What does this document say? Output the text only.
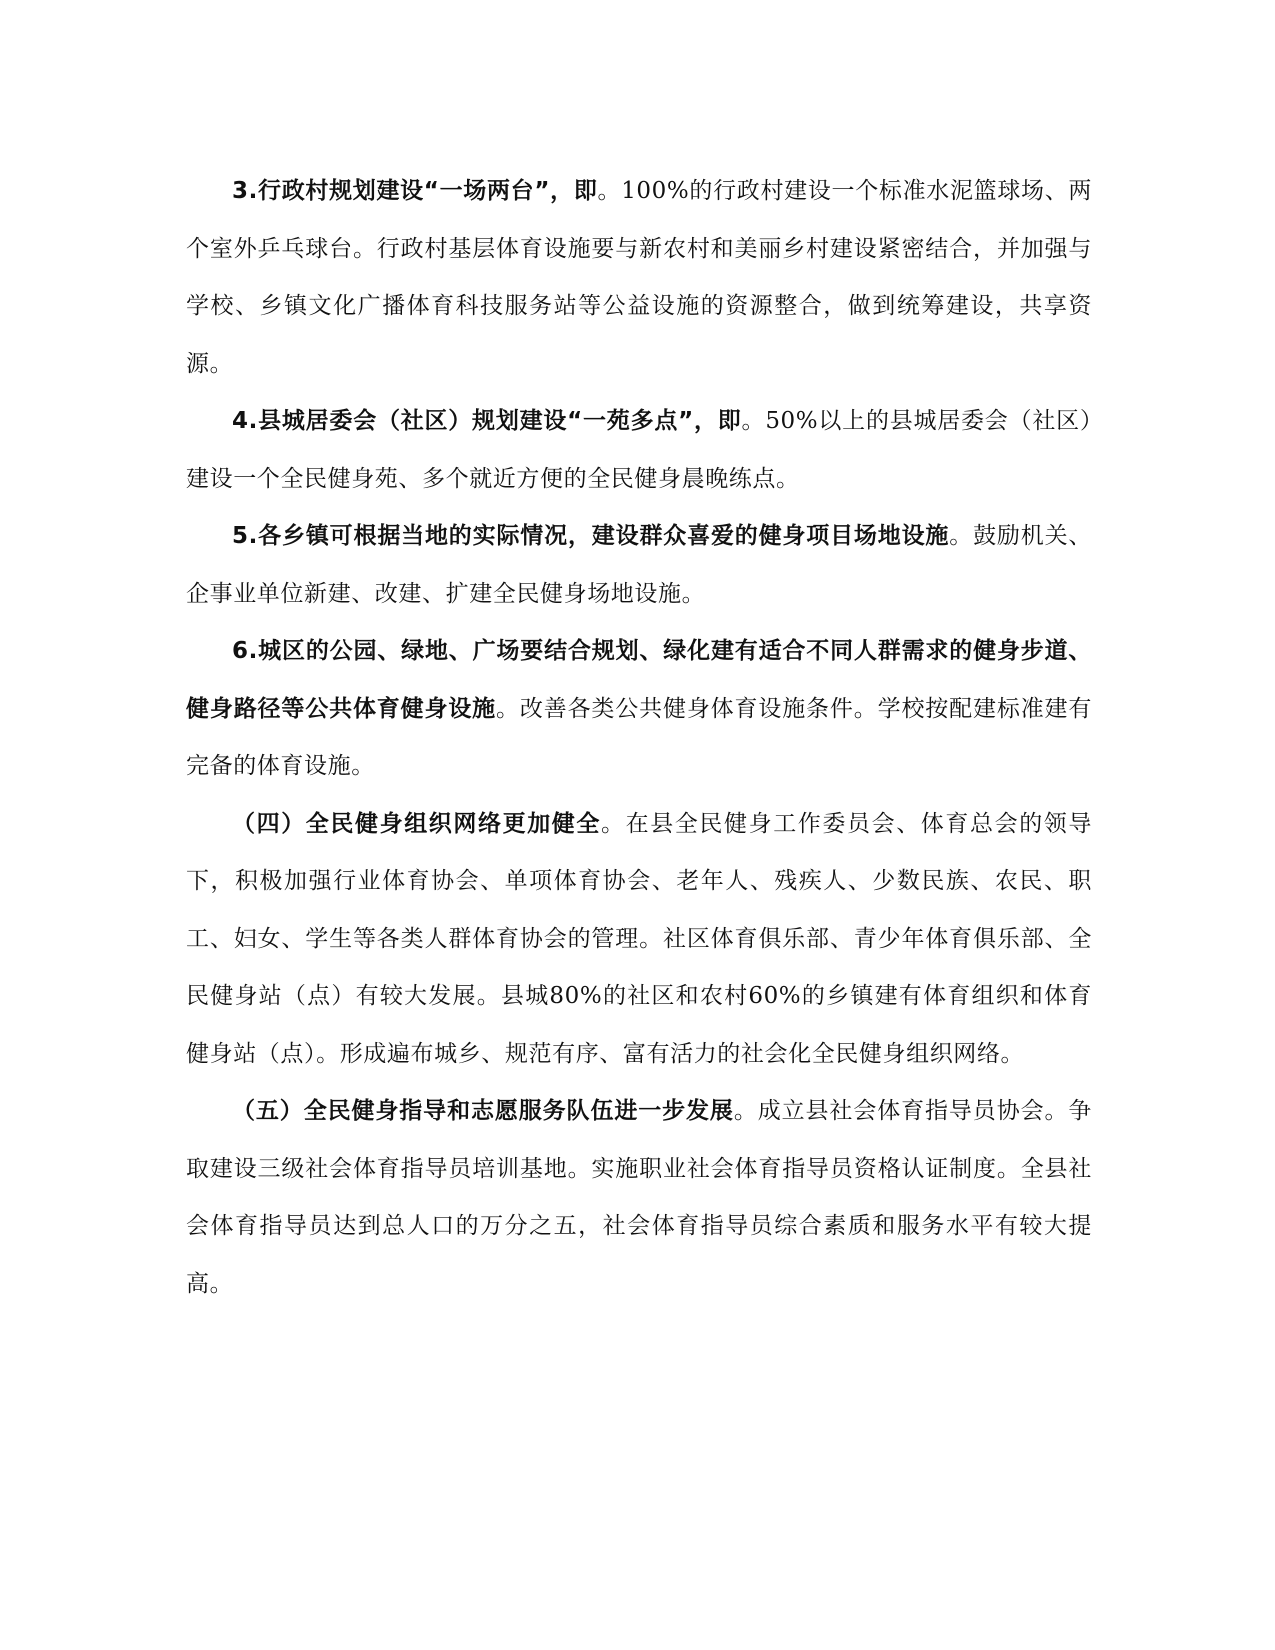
3.行政村规划建设“一场两台”，即。100%的行政村建设一个标准水泥篮球场、两个室外乒乓球台。行政村基层体育设施要与新农村和美丽乡村建设紧密结合，并加强与学校、乡镇文化广播体育科技服务站等公益设施的资源整合，做到统筹建设，共享资源。

4.县城居委会（社区）规划建设“一苑多点”，即。50%以上的县城居委会（社区）建设一个全民健身苑、多个就近方便的全民健身晨晚练点。

5.各乡镇可根据当地的实际情况，建设群众喜爱的健身项目场地设施。鼓励机关、企事业单位新建、改建、扩建全民健身场地设施。

6.城区的公园、绿地、广场要结合规划、绿化建有适合不同人群需求的健身步道、健身路径等公共体育健身设施。改善各类公共健身体育设施条件。学校按配建标准建有完备的体育设施。

（四）全民健身组织网络更加健全。在县全民健身工作委员会、体育总会的领导下，积极加强行业体育协会、单项体育协会、老年人、残疾人、少数民族、农民、职工、妇女、学生等各类人群体育协会的管理。社区体育俱乐部、青少年体育俱乐部、全民健身站（点）有较大发展。县城80%的社区和农村60%的乡镇建有体育组织和体育健身站（点）。形成遍布城乡、规范有序、富有活力的社会化全民健身组织网络。

（五）全民健身指导和志愿服务队伍进一步发展。成立县社会体育指导员协会。争取建设三级社会体育指导员培训基地。实施职业社会体育指导员资格认证制度。全县社会体育指导员达到总人口的万分之五，社会体育指导员综合素质和服务水平有较大提高。
